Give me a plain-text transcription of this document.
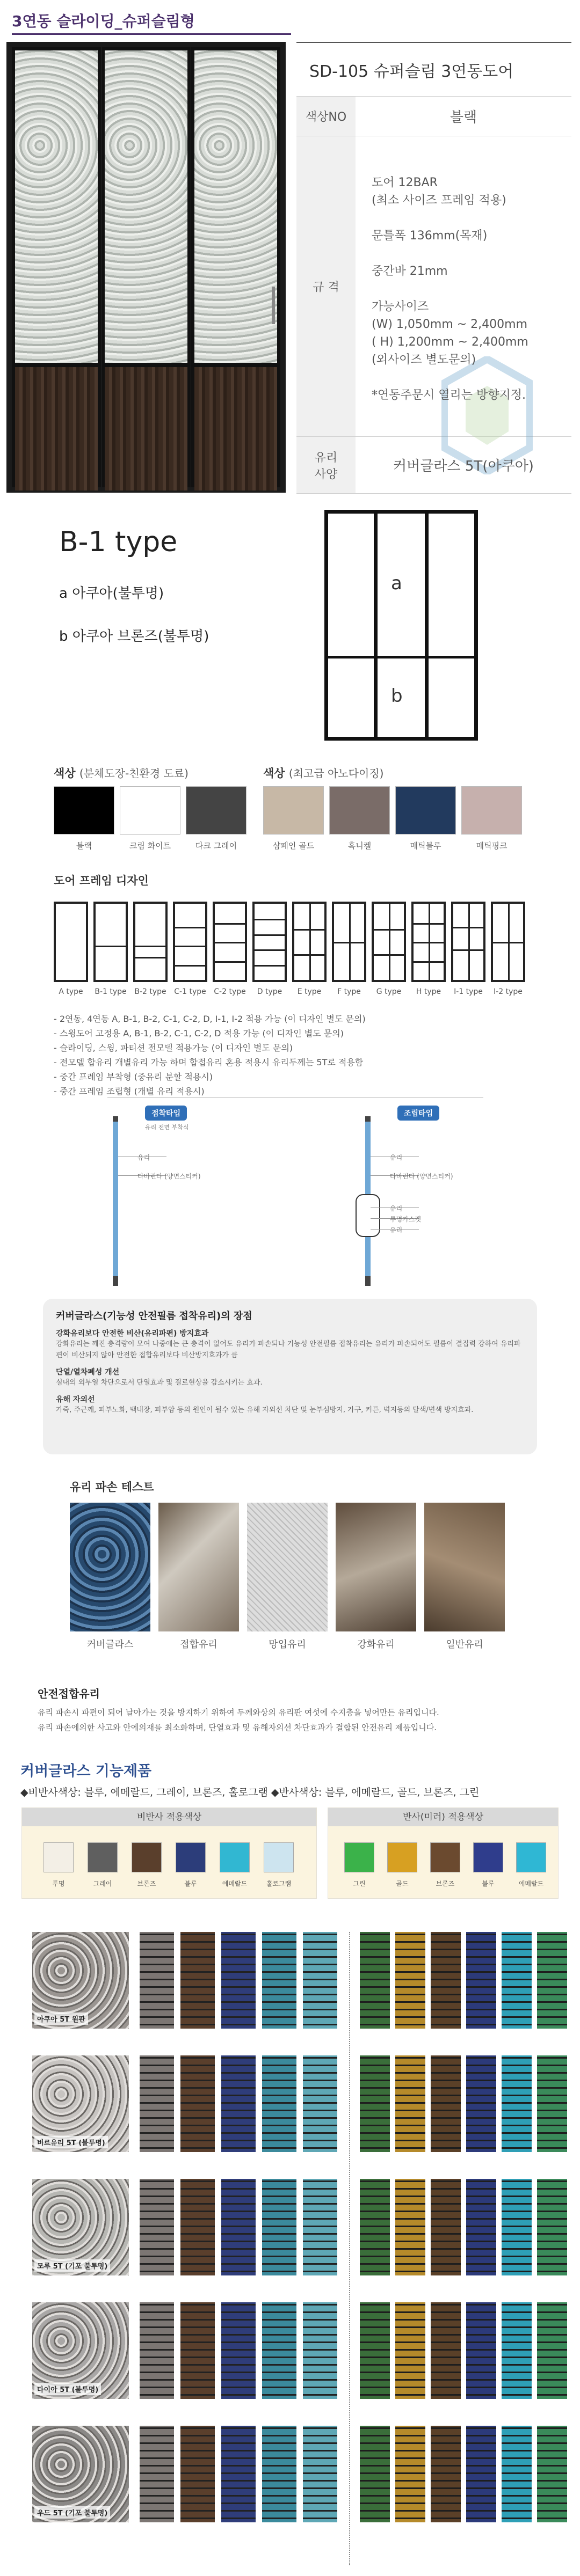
3연동 슬라이딩_슈퍼슬림형
SD-105 슈퍼슬림 3연동도어
색상NO	블랙
규 격

도어 12BAR

(최소 사이즈 프레임 적용)

문틀폭 136mm(목재)

중간바 21mm

가능사이즈

(W) 1,050mm ~ 2,400mm

( H) 1,200mm ~ 2,400mm

(외사이즈 별도문의)

*연동주문시 열리는 방향지정.

유리
사양	커버글라스 5T(아쿠아)
B-1 type
a 아쿠아(불투명)
b 아쿠아 브론즈(불투명)
a
b
색상 (분체도장-친환경 도료)	색상 (최고급 아노다이징)
블랙	크림 화이트	다크 그레이	샴페인 골드	흑니켈	매틱블루	매틱핑크
도어 프레임 디자인
A type	B-1 type	B-2 type	C-1 type	C-2 type	D type	E type	F type	G type	H type	I-1 type	I-2 type

- 2연동, 4연동 A, B-1, B-2, C-1, C-2, D, I-1, I-2 적용 가능 (이 디자인 별도 문의)

- 스윙도어 고정용 A, B-1, B-2, C-1, C-2, D 적용 가능 (이 디자인 별도 문의)

- 슬라이딩, 스윙, 파티션 전모델 적용가능 (이 디자인 별도 문의)

- 전모델 합유리 개별유리 가능 하며 합접유리 혼용 적용시 유리두께는 5T로 적용함

- 중간 프레임 부착형 (중유리 분할 적용시)

- 중간 프레임 조립형 (개별 유리 적용시)

접착타입
유리 전면 부착식
유리
다바린다 (양면스티커)
조립타입
유리
다바린다 (양면스티커)
유리
투명가스켓
유리
커버글라스(기능성 안전필름 접착유리)의 장점
강화유리보다 안전한 비산(유리파편) 방지효과

강화유리는 깨진 충격량이 모여 나중에는 큰 충격이 없어도 유리가 파손되나 기능성 안전필름 접착유리는 유리가 파손되어도 필름이 결집력 강하여 유리파편이 비산되지 않아 안전한 접합유리보다 비산방지효과가 큼

단열/열차폐성 개선

실내의 외부열 차단으로서 단열효과 및 결로현상을 감소시키는 효과.

유해 자외선

가죽, 주근깨, 피부노화, 백내장, 피부암 등의 원인이 될수 있는 유해 자외선 차단 및 눈부심방지, 가구, 커튼, 벽지등의 탈색/변색 방지효과.

유리 파손 테스트
커버글라스	접합유리	망입유리	강화유리	일반유리
안전접합유리

유리 파손시 파편이 되어 날아가는 것을 방지하기 위하여 두께와상의 유리판 여섯에 수지층을 넣어만든 유리입니다.

유리 파손에의한 사고와 안에의재를 최소화하며, 단열효과 및 유해자외선 차단효과가 결합된 안전유리 제품입니다.

커버글라스 기능제품
◆비반사색상: 블루, 에메랄드, 그레이, 브론즈, 홀로그램 ◆반사색상: 블루, 에메랄드, 골드, 브론즈, 그린
비반사 적용색상
투명	그레이	브론즈	블루	에메랄드	홀로그램
반사(미러) 적용색상
그린	골드	브론즈	블루	에메랄드
아쿠아 5T 원판
비르유리 5T (불투명)
모루 5T (기포 불투명)
다이아 5T (불투명)
우드 5T (기포 불투명)
